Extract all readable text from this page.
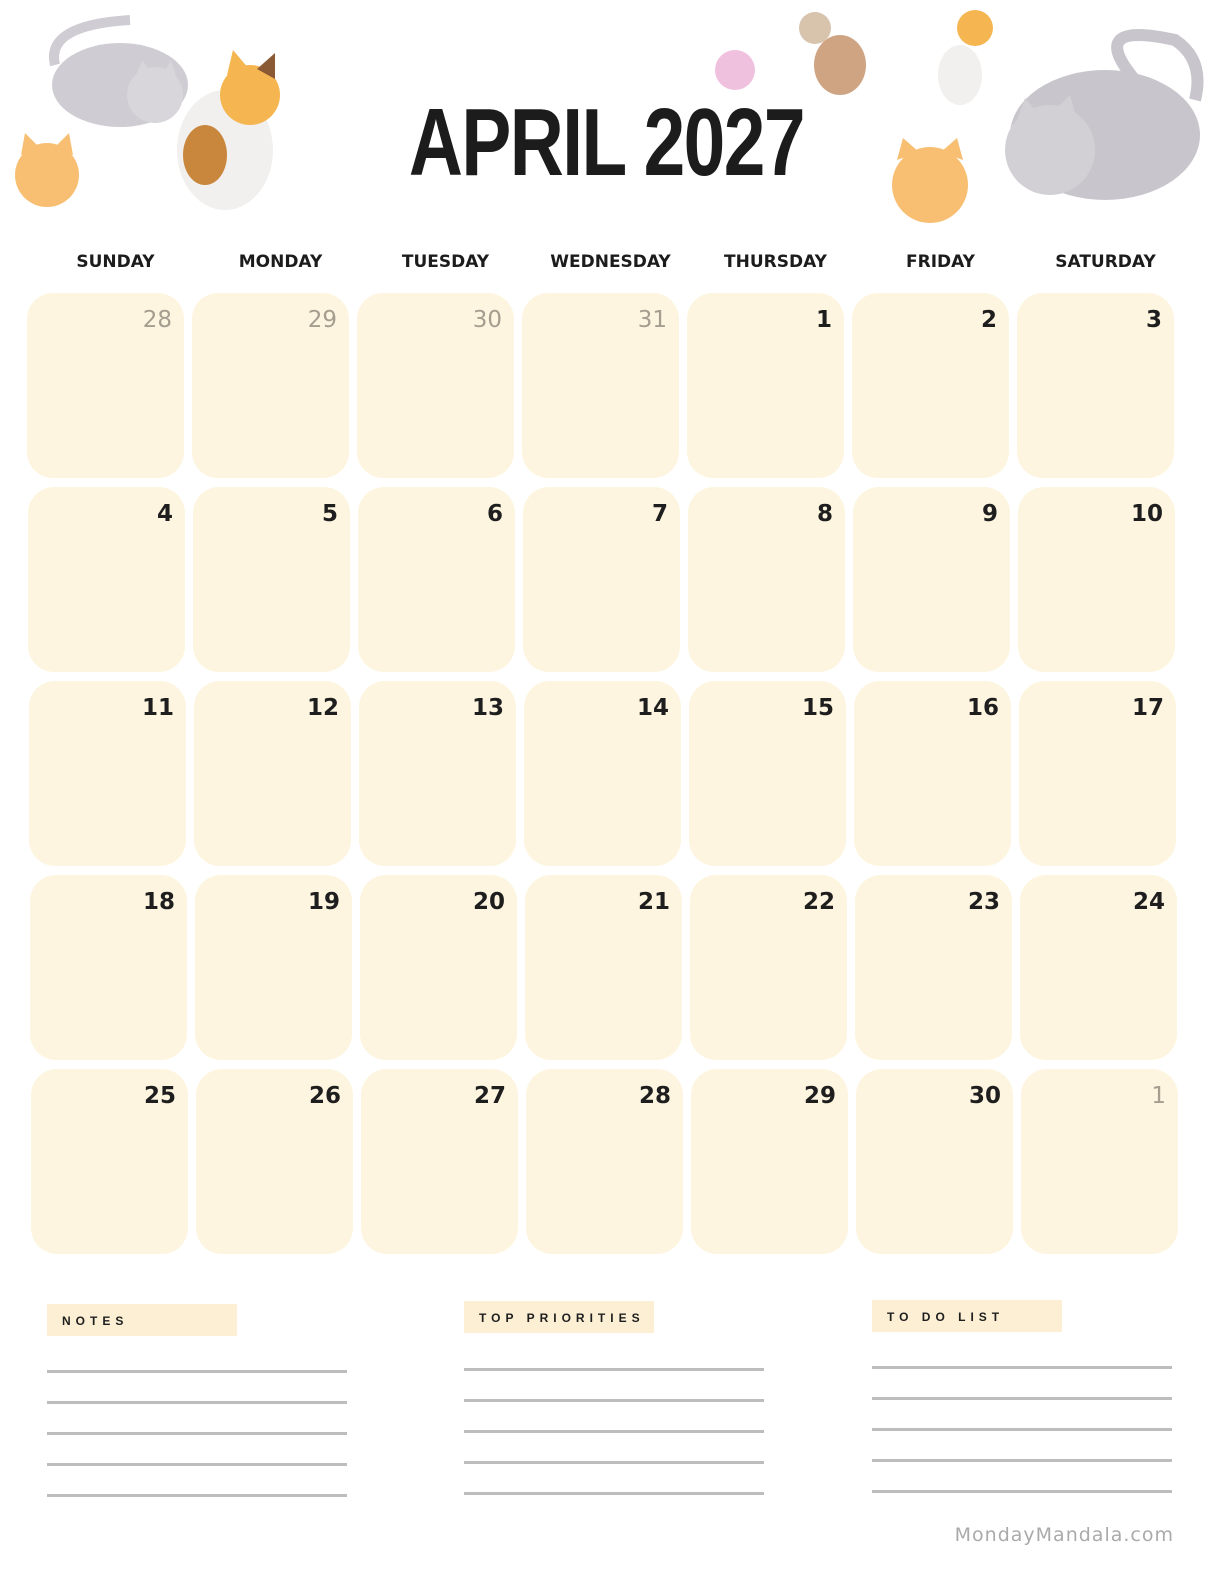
APRIL 2027
SUNDAY	MONDAY	TUESDAY	WEDNESDAY	THURSDAY	FRIDAY	SATURDAY
28	29	30	31	1	2	3
4	5	6	7	8	9	10
11	12	13	14	15	16	17
18	19	20	21	22	23	24
25	26	27	28	29	30	1
NOTES	TOP PRIORITIES	TO DO LIST
MondayMandala.com
